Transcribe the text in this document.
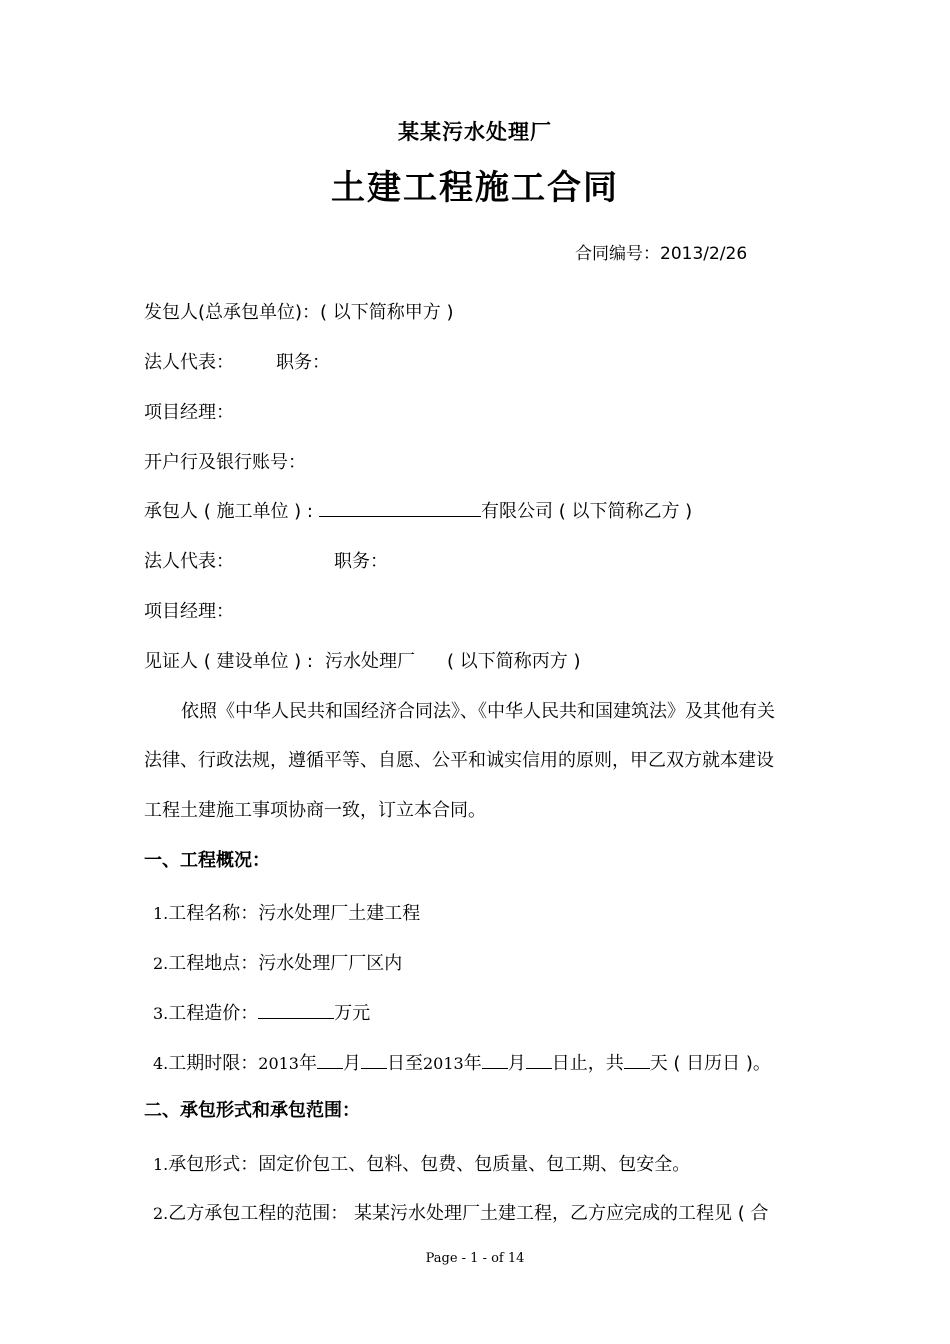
某某污水处理厂
土建工程施工合同
合同编号：2013/2/26
发包人(总承包单位)：( 以下简称甲方 )
法人代表： 职务：
项目经理：
开户行及银行账号：
承包人 ( 施工单位 ) :	有限公司 ( 以下简称乙方 )
法人代表：	职务：
项目经理：
见证人 ( 建设单位 ) : 污水处理厂 ( 以下简称丙方 )
依照《中华人民共和国经济合同法》、《中华人民共和国建筑法》及其他有关
法律、行政法规，遵循平等、自愿、公平和诚实信用的原则，甲乙双方就本建设
工程土建施工事项协商一致，订立本合同。
一、工程概况：
1.工程名称：污水处理厂土建工程
2.工程地点：污水处理厂厂区内
3.工程造价：	万元
4.工期时限：2013年 月 日至2013年 月 日止，共 天 ( 日历日 )。
二、承包形式和承包范围：
1.承包形式：固定价包工、包料、包费、包质量、包工期、包安全。
2.乙方承包工程的范围： 某某污水处理厂土建工程，乙方应完成的工程见 ( 合
Page - 1 - of 14
